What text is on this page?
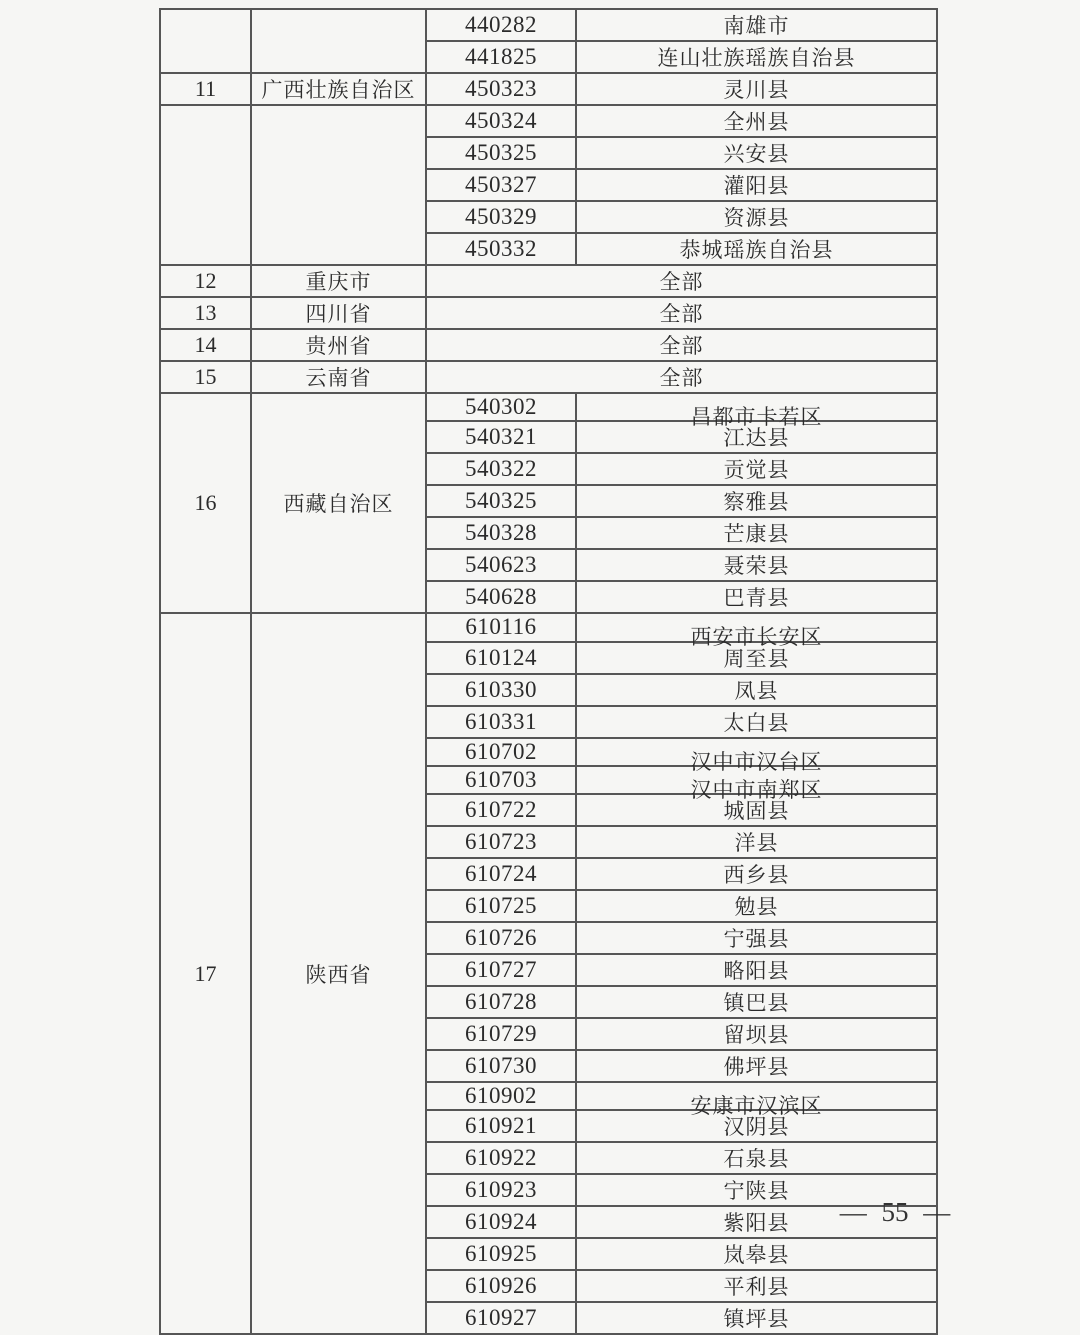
		440282	南雄市
		441825	连山壮族瑶族自治县
11	广西壮族自治区	450323	灵川县
		450324	全州县
		450325	兴安县
		450327	灌阳县
		450329	资源县
		450332	恭城瑶族自治县
12	重庆市	全部	
13	四川省	全部	
14	贵州省	全部	
15	云南省	全部	
16	西藏自治区	540302	昌都市卡若区

		540321	江达县
		540322	贡觉县
		540325	察雅县
		540328	芒康县
		540623	聂荣县
		540628	巴青县
17	陕西省	610116	西安市长安区

		610124	周至县
		610330	凤县
		610331	太白县
		610702	汉中市汉台区

		610703	汉中市南郑区

		610722	城固县
		610723	洋县
		610724	西乡县
		610725	勉县
		610726	宁强县
		610727	略阳县
		610728	镇巴县
		610729	留坝县
		610730	佛坪县
		610902	安康市汉滨区

		610921	汉阴县
		610922	石泉县
		610923	宁陕县
		610924	紫阳县
		610925	岚皋县
		610926	平利县
		610927	镇坪县
— 55 —
